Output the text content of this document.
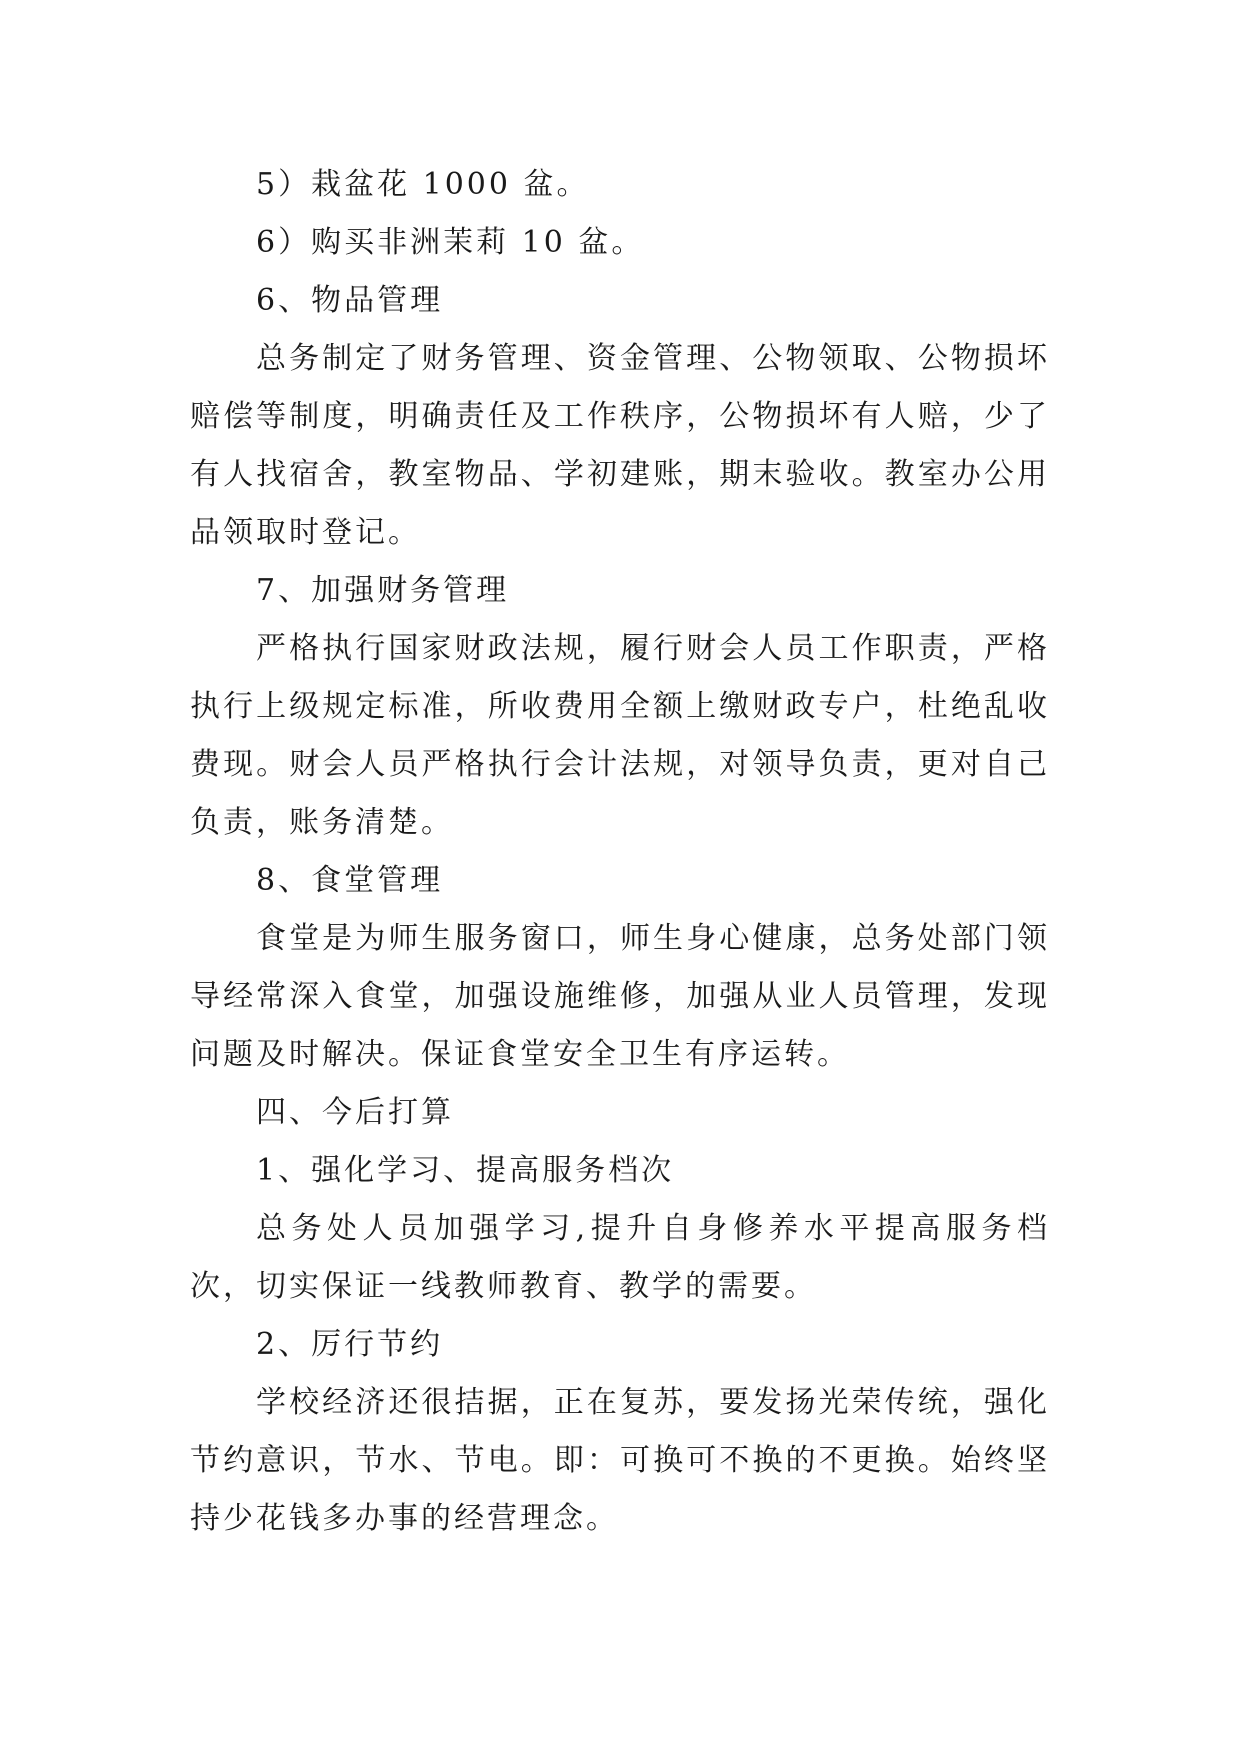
5）栽盆花 1000 盆。

6）购买非洲茉莉 10 盆。

6、物品管理

总务制定了财务管理、资金管理、公物领取、公物损坏赔偿等制度，明确责任及工作秩序，公物损坏有人赔，少了有人找宿舍，教室物品、学初建账，期末验收。教室办公用品领取时登记。

7、加强财务管理

严格执行国家财政法规，履行财会人员工作职责，严格执行上级规定标准，所收费用全额上缴财政专户，杜绝乱收费现。财会人员严格执行会计法规，对领导负责，更对自己负责，账务清楚。

8、食堂管理

食堂是为师生服务窗口，师生身心健康，总务处部门领导经常深入食堂，加强设施维修，加强从业人员管理，发现问题及时解决。保证食堂安全卫生有序运转。

四、今后打算

1、强化学习、提高服务档次

总务处人员加强学习,提升自身修养水平提高服务档次，切实保证一线教师教育、教学的需要。

2、厉行节约

学校经济还很拮据，正在复苏，要发扬光荣传统，强化节约意识，节水、节电。即：可换可不换的不更换。始终坚持少花钱多办事的经营理念。
